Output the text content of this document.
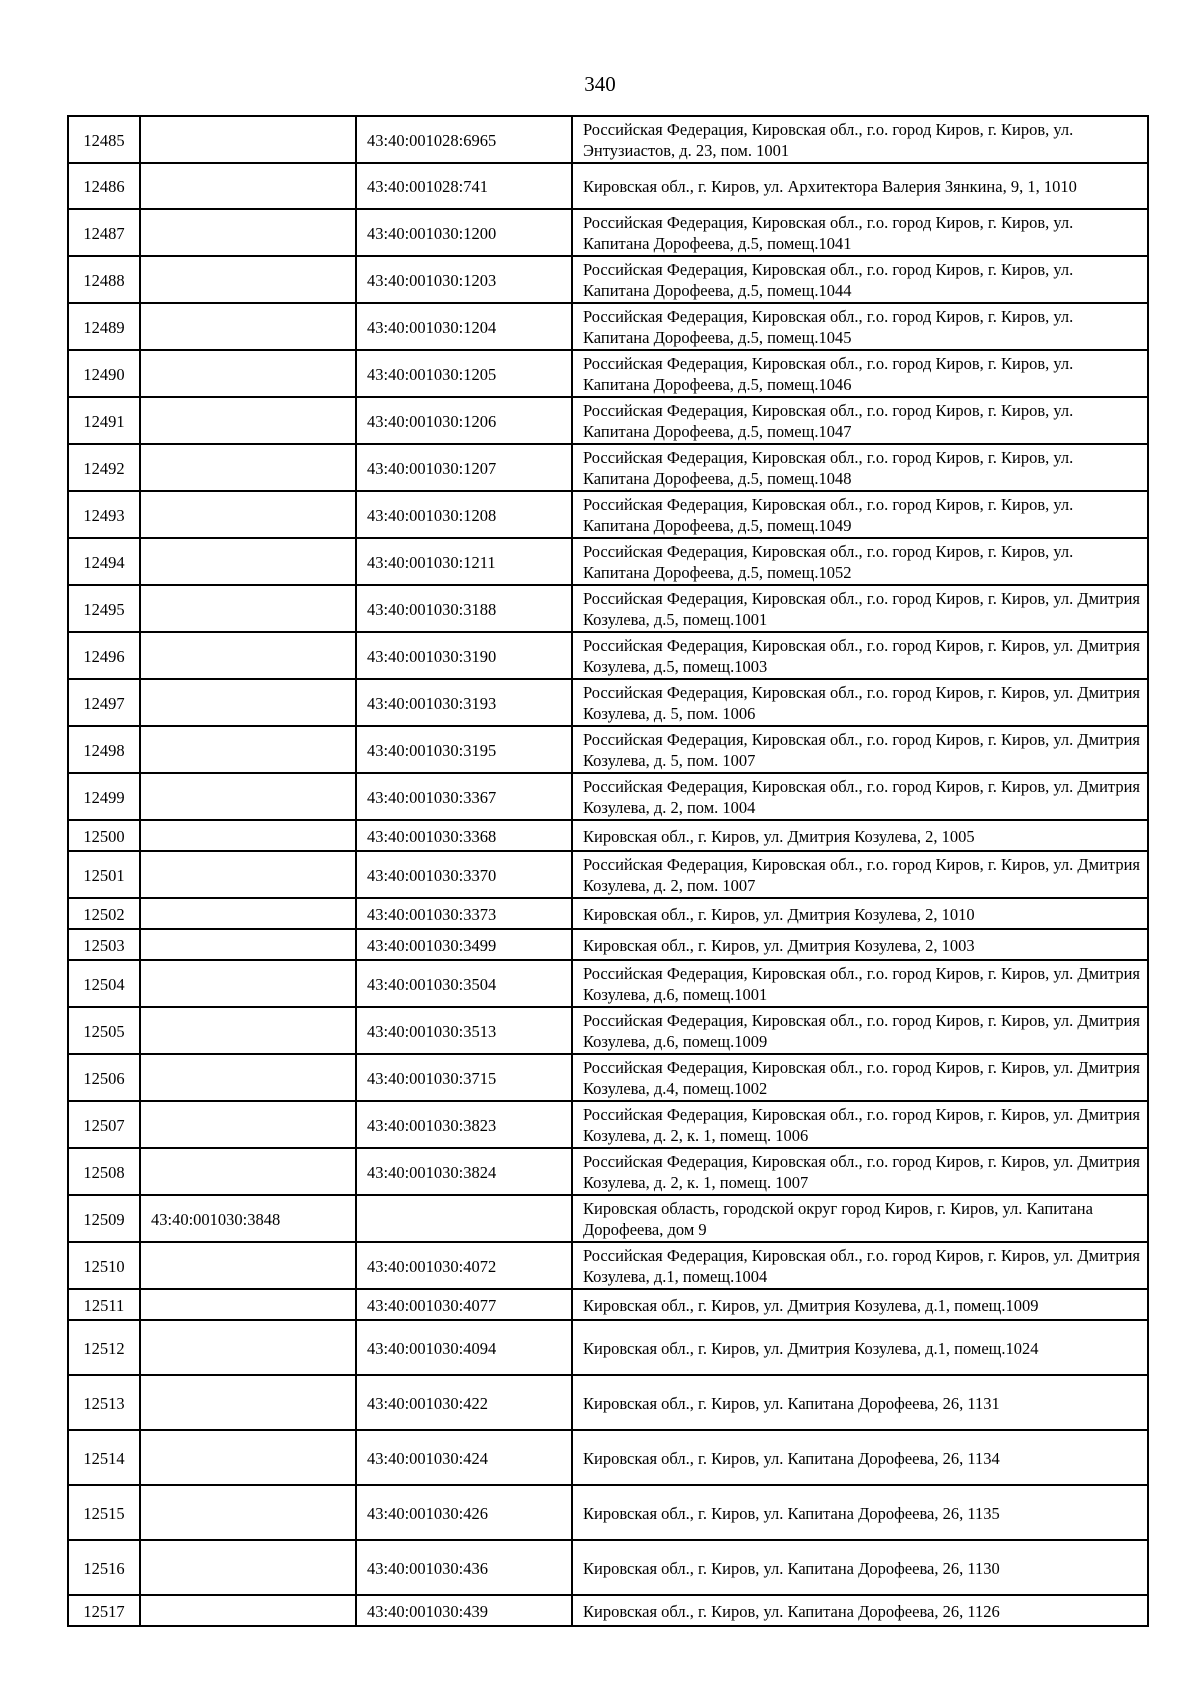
340
12485		43:40:001028:6965	Российская Федерация, Кировская обл., г.о. город Киров, г. Киров, ул. Энтузиастов, д. 23, пом. 1001
12486		43:40:001028:741	Кировская обл., г. Киров, ул. Архитектора Валерия Зянкина, 9, 1, 1010
12487		43:40:001030:1200	Российская Федерация, Кировская обл., г.о. город Киров, г. Киров, ул. Капитана Дорофеева, д.5, помещ.1041
12488		43:40:001030:1203	Российская Федерация, Кировская обл., г.о. город Киров, г. Киров, ул. Капитана Дорофеева, д.5, помещ.1044
12489		43:40:001030:1204	Российская Федерация, Кировская обл., г.о. город Киров, г. Киров, ул. Капитана Дорофеева, д.5, помещ.1045
12490		43:40:001030:1205	Российская Федерация, Кировская обл., г.о. город Киров, г. Киров, ул. Капитана Дорофеева, д.5, помещ.1046
12491		43:40:001030:1206	Российская Федерация, Кировская обл., г.о. город Киров, г. Киров, ул. Капитана Дорофеева, д.5, помещ.1047
12492		43:40:001030:1207	Российская Федерация, Кировская обл., г.о. город Киров, г. Киров, ул. Капитана Дорофеева, д.5, помещ.1048
12493		43:40:001030:1208	Российская Федерация, Кировская обл., г.о. город Киров, г. Киров, ул. Капитана Дорофеева, д.5, помещ.1049
12494		43:40:001030:1211	Российская Федерация, Кировская обл., г.о. город Киров, г. Киров, ул. Капитана Дорофеева, д.5, помещ.1052
12495		43:40:001030:3188	Российская Федерация, Кировская обл., г.о. город Киров, г. Киров, ул. Дмитрия Козулева, д.5, помещ.1001
12496		43:40:001030:3190	Российская Федерация, Кировская обл., г.о. город Киров, г. Киров, ул. Дмитрия Козулева, д.5, помещ.1003
12497		43:40:001030:3193	Российская Федерация, Кировская обл., г.о. город Киров, г. Киров, ул. Дмитрия Козулева, д. 5, пом. 1006
12498		43:40:001030:3195	Российская Федерация, Кировская обл., г.о. город Киров, г. Киров, ул. Дмитрия Козулева, д. 5, пом. 1007
12499		43:40:001030:3367	Российская Федерация, Кировская обл., г.о. город Киров, г. Киров, ул. Дмитрия Козулева, д. 2, пом. 1004
12500		43:40:001030:3368	Кировская обл., г. Киров, ул. Дмитрия Козулева, 2, 1005
12501		43:40:001030:3370	Российская Федерация, Кировская обл., г.о. город Киров, г. Киров, ул. Дмитрия Козулева, д. 2, пом. 1007
12502		43:40:001030:3373	Кировская обл., г. Киров, ул. Дмитрия Козулева, 2, 1010
12503		43:40:001030:3499	Кировская обл., г. Киров, ул. Дмитрия Козулева, 2, 1003
12504		43:40:001030:3504	Российская Федерация, Кировская обл., г.о. город Киров, г. Киров, ул. Дмитрия Козулева, д.6, помещ.1001
12505		43:40:001030:3513	Российская Федерация, Кировская обл., г.о. город Киров, г. Киров, ул. Дмитрия Козулева, д.6, помещ.1009
12506		43:40:001030:3715	Российская Федерация, Кировская обл., г.о. город Киров, г. Киров, ул. Дмитрия Козулева, д.4, помещ.1002
12507		43:40:001030:3823	Российская Федерация, Кировская обл., г.о. город Киров, г. Киров, ул. Дмитрия Козулева, д. 2, к. 1, помещ. 1006
12508		43:40:001030:3824	Российская Федерация, Кировская обл., г.о. город Киров, г. Киров, ул. Дмитрия Козулева, д. 2, к. 1, помещ. 1007
12509	43:40:001030:3848		Кировская область, городской округ город Киров, г. Киров, ул. Капитана Дорофеева, дом 9
12510		43:40:001030:4072	Российская Федерация, Кировская обл., г.о. город Киров, г. Киров, ул. Дмитрия Козулева, д.1, помещ.1004
12511		43:40:001030:4077	Кировская обл., г. Киров, ул. Дмитрия Козулева, д.1, помещ.1009
12512		43:40:001030:4094	Кировская обл., г. Киров, ул. Дмитрия Козулева, д.1, помещ.1024
12513		43:40:001030:422	Кировская обл., г. Киров, ул. Капитана Дорофеева, 26, 1131
12514		43:40:001030:424	Кировская обл., г. Киров, ул. Капитана Дорофеева, 26, 1134
12515		43:40:001030:426	Кировская обл., г. Киров, ул. Капитана Дорофеева, 26, 1135
12516		43:40:001030:436	Кировская обл., г. Киров, ул. Капитана Дорофеева, 26, 1130
12517		43:40:001030:439	Кировская обл., г. Киров, ул. Капитана Дорофеева, 26, 1126
